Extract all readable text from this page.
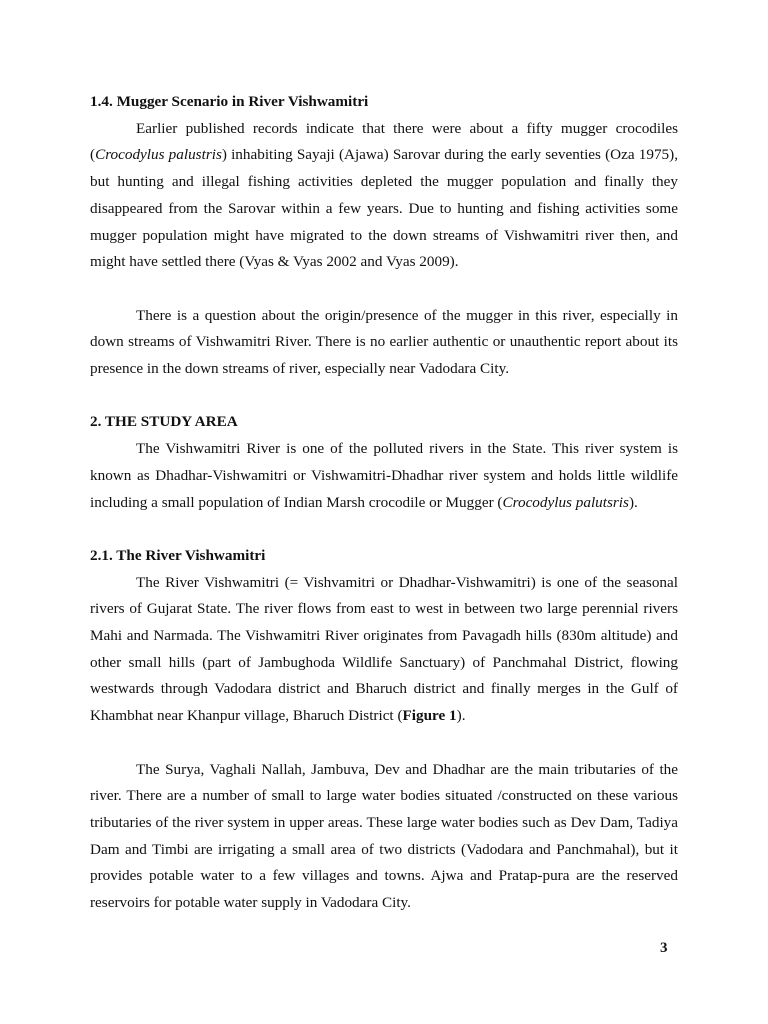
1.4. Mugger Scenario in River Vishwamitri

Earlier published records indicate that there were about a fifty mugger crocodiles (Crocodylus palustris) inhabiting Sayaji (Ajawa) Sarovar during the early seventies (Oza 1975), but hunting and illegal fishing activities depleted the mugger population and finally they disappeared from the Sarovar within a few years. Due to hunting and fishing activities some mugger population might have migrated to the down streams of Vishwamitri river then, and might have settled there (Vyas & Vyas 2002 and Vyas 2009).

There is a question about the origin/presence of the mugger in this river, especially in down streams of Vishwamitri River. There is no earlier authentic or unauthentic report about its presence in the down streams of river, especially near Vadodara City.

2. THE STUDY AREA

The Vishwamitri River is one of the polluted rivers in the State. This river system is known as Dhadhar-Vishwamitri or Vishwamitri-Dhadhar river system and holds little wildlife including a small population of Indian Marsh crocodile or Mugger (Crocodylus palutsris).

2.1. The River Vishwamitri

The River Vishwamitri (= Vishvamitri or Dhadhar-Vishwamitri) is one of the seasonal rivers of Gujarat State. The river flows from east to west in between two large perennial rivers Mahi and Narmada. The Vishwamitri River originates from Pavagadh hills (830m altitude) and other small hills (part of Jambughoda Wildlife Sanctuary) of Panchmahal District, flowing westwards through Vadodara district and Bharuch district and finally merges in the Gulf of Khambhat near Khanpur village, Bharuch District (Figure 1).

The Surya, Vaghali Nallah, Jambuva, Dev and Dhadhar are the main tributaries of the river. There are a number of small to large water bodies situated /constructed on these various tributaries of the river system in upper areas. These large water bodies such as Dev Dam, Tadiya Dam and Timbi are irrigating a small area of two districts (Vadodara and Panchmahal), but it provides potable water to a few villages and towns. Ajwa and Pratap-pura are the reserved reservoirs for potable water supply in Vadodara City.

3
